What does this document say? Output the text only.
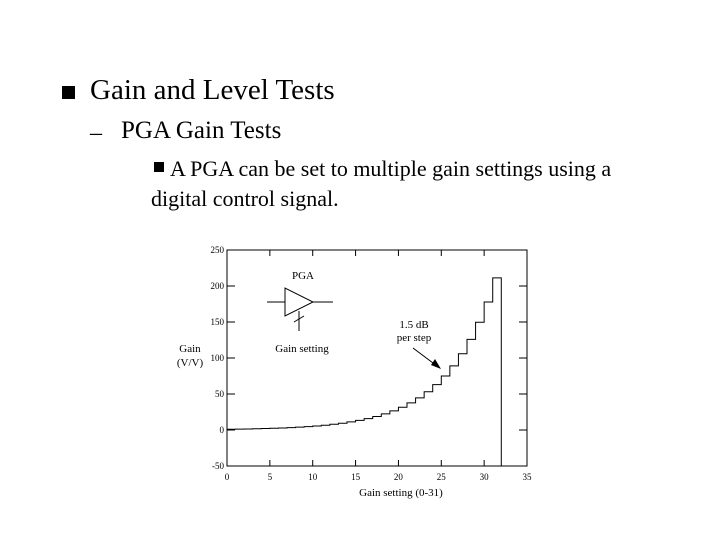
Gain and Level Tests
– PGA Gain Tests
A PGA can be set to multiple gain settings using a digital control signal.
0	5	10	15	20	25	30	35
250
200
150
100
50
0
-50
Gain setting (0-31)
Gain
(V/V)
PGA
Gain setting
1.5 dB
per step
